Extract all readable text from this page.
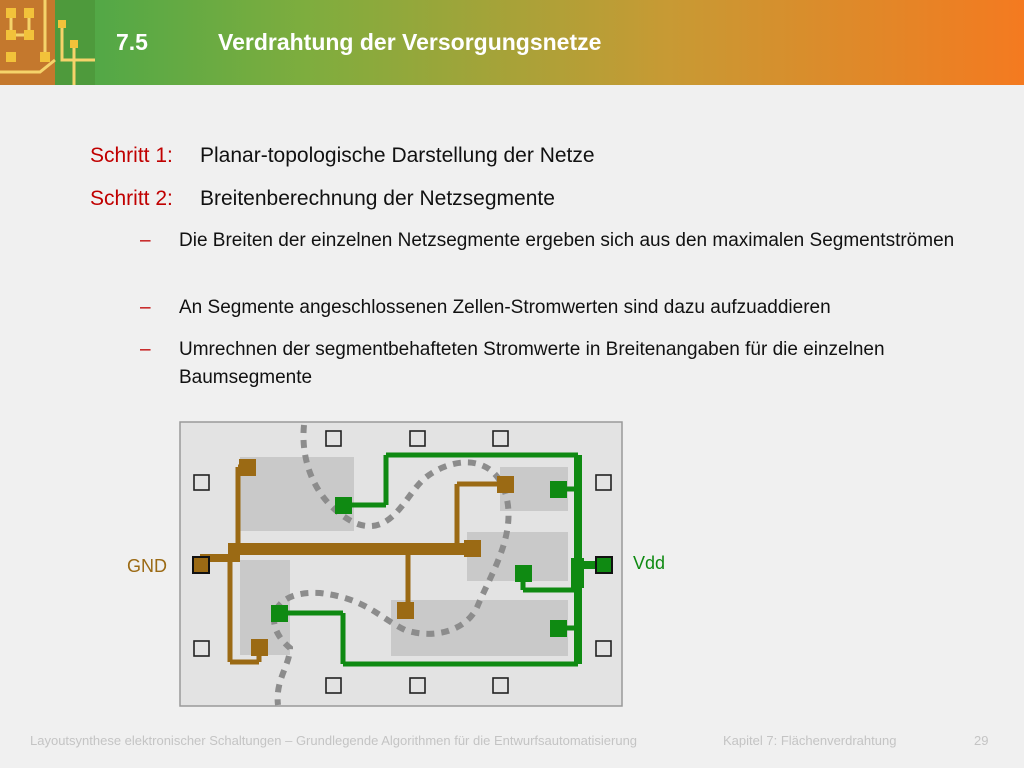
7.5	Verdrahtung der Versorgungsnetze
Schritt 1: Planar-topologische Darstellung der Netze
Schritt 2: Breitenberechnung der Netzsegmente
– Die Breiten der einzelnen Netzsegmente ergeben sich aus den maximalen Segmentströmen
– An Segmente angeschlossenen Zellen-Stromwerten sind dazu aufzuaddieren
– Umrechnen der segmentbehafteten Stromwerte in Breitenangaben für die einzelnen Baumsegmente
GND	Vdd
Layoutsynthese elektronischer Schaltungen – Grundlegende Algorithmen für die Entwurfsautomatisierung	Kapitel 7: Flächenverdrahtung	29
